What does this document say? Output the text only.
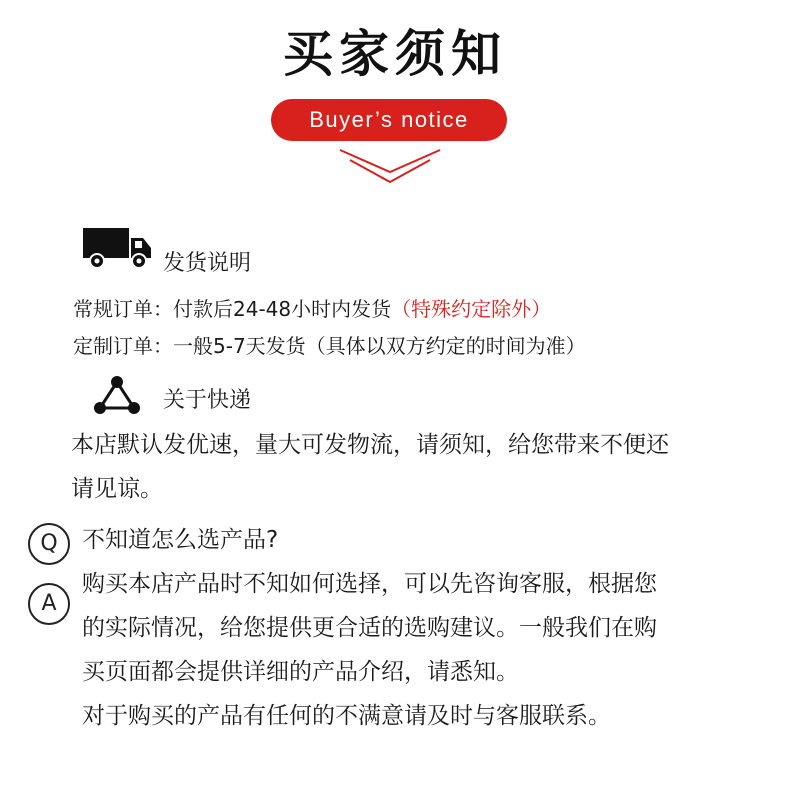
买家须知
Buyer’s notice
发货说明
常规订单：付款后24-48小时内发货（特殊约定除外）
定制订单：一般5-7天发货（具体以双方约定的时间为准）
关于快递
本店默认发优速，量大可发物流，请须知，给您带来不便还
请见谅。
Q
A
不知道怎么选产品?
购买本店产品时不知如何选择，可以先咨询客服，根据您
的实际情况，给您提供更合适的选购建议。一般我们在购
买页面都会提供详细的产品介绍，请悉知。
对于购买的产品有任何的不满意请及时与客服联系。
